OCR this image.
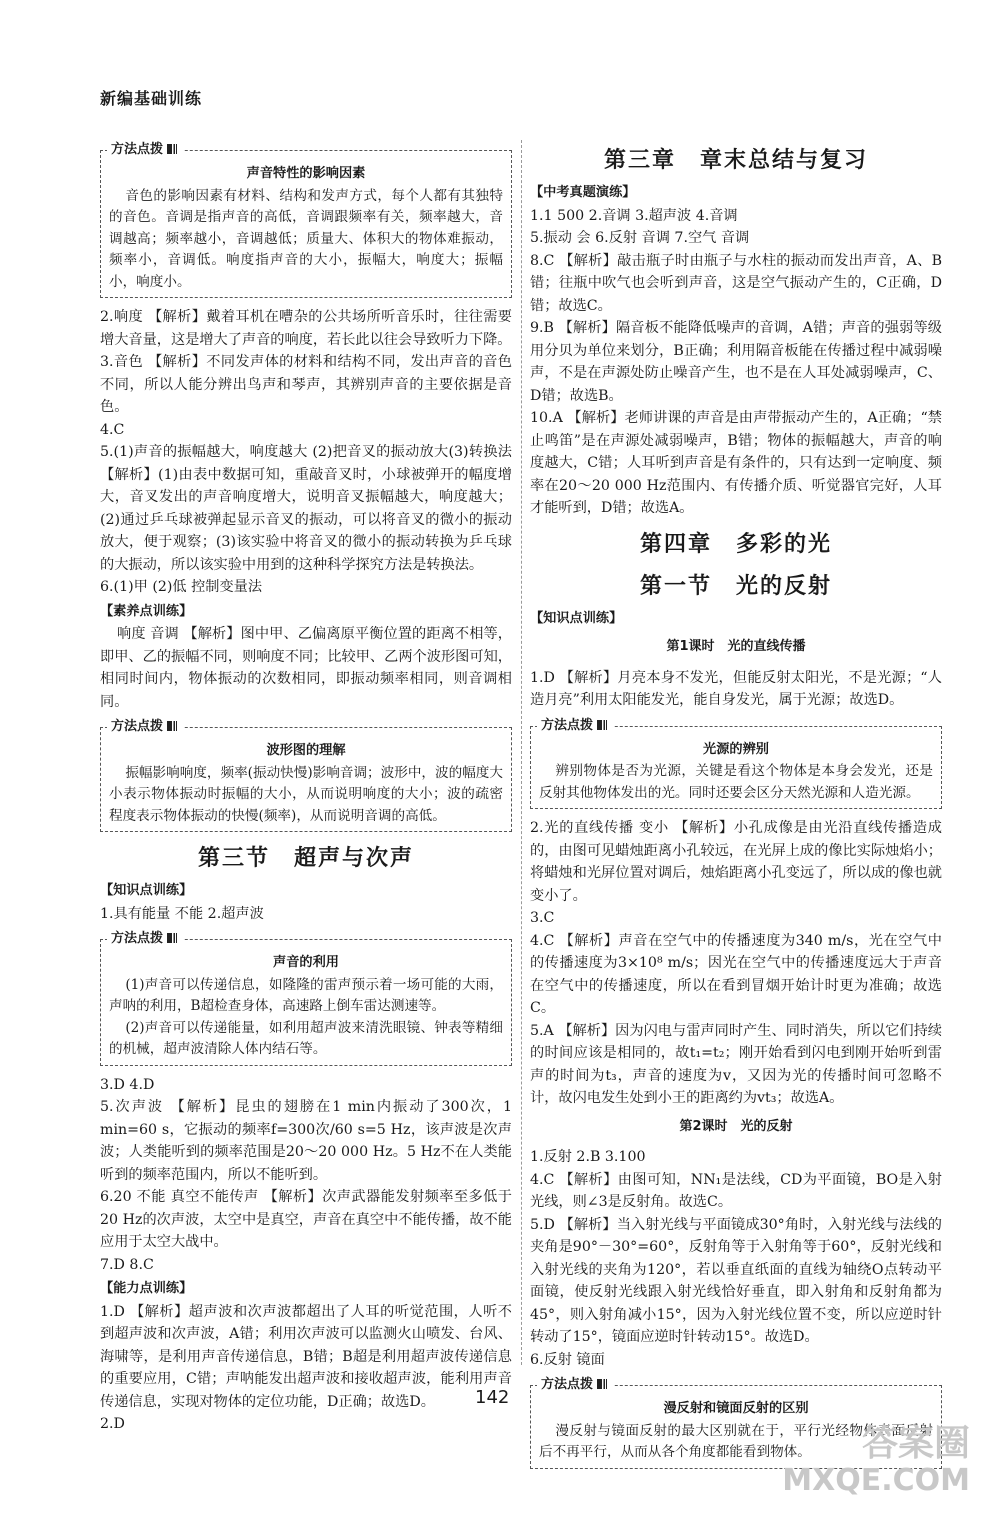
新编基础训练
方法点拨
声音特性的影响因素

音色的影响因素有材料、结构和发声方式，每个人都有其独特的音色。音调是指声音的高低，音调跟频率有关，频率越大，音调越高；频率越小，音调越低；质量大、体积大的物体难振动，频率小，音调低。响度指声音的大小，振幅大，响度大；振幅小，响度小。

2.响度 【解析】戴着耳机在嘈杂的公共场所听音乐时，往往需要增大音量，这是增大了声音的响度，若长此以往会导致听力下降。

3.音色 【解析】不同发声体的材料和结构不同，发出声音的音色不同，所以人能分辨出鸟声和琴声，其辨别声音的主要依据是音色。

4.C

5.(1)声音的振幅越大，响度越大 (2)把音叉的振动放大(3)转换法 【解析】(1)由表中数据可知，重敲音叉时，小球被弹开的幅度增大，音叉发出的声音响度增大，说明音叉振幅越大，响度越大；(2)通过乒乓球被弹起显示音叉的振动，可以将音叉的微小的振动放大，便于观察；(3)该实验中将音叉的微小的振动转换为乒乓球的大振动，所以该实验中用到的这种科学探究方法是转换法。

6.(1)甲 (2)低 控制变量法

【素养点训练】

响度 音调 【解析】图中甲、乙偏离原平衡位置的距离不相等，即甲、乙的振幅不同，则响度不同；比较甲、乙两个波形图可知，相同时间内，物体振动的次数相同，即振动频率相同，则音调相同。

方法点拨
波形图的理解

振幅影响响度，频率(振动快慢)影响音调；波形中，波的幅度大小表示物体振动时振幅的大小，从而说明响度的大小；波的疏密程度表示物体振动的快慢(频率)，从而说明音调的高低。

第三节　超声与次声
【知识点训练】

1.具有能量 不能 2.超声波

方法点拨
声音的利用

(1)声音可以传递信息，如隆隆的雷声预示着一场可能的大雨，声呐的利用，B超检查身体，高速路上倒车雷达测速等。

(2)声音可以传递能量，如利用超声波来清洗眼镜、钟表等精细的机械，超声波清除人体内结石等。

3.D 4.D

5.次声波 【解析】昆虫的翅膀在1 min内振动了300次，1 min=60 s，它振动的频率f=300次/60 s=5 Hz，该声波是次声波；人类能听到的频率范围是20～20 000 Hz。5 Hz不在人类能听到的频率范围内，所以不能听到。

6.20 不能 真空不能传声 【解析】次声武器能发射频率至多低于20 Hz的次声波，太空中是真空，声音在真空中不能传播，故不能应用于太空大战中。

7.D 8.C

【能力点训练】

1.D 【解析】超声波和次声波都超出了人耳的听觉范围，人听不到超声波和次声波，A错；利用次声波可以监测火山喷发、台风、海啸等，是利用声音传递信息，B错；B超是利用超声波传递信息的重要应用，C错；声呐能发出超声波和接收超声波，能利用声音传递信息，实现对物体的定位功能，D正确；故选D。

2.D

第三章　章末总结与复习
【中考真题演练】

1.1 500 2.音调 3.超声波 4.音调

5.振动 会 6.反射 音调 7.空气 音调

8.C 【解析】敲击瓶子时由瓶子与水柱的振动而发出声音，A、B错；往瓶中吹气也会听到声音，这是空气振动产生的，C正确，D错；故选C。

9.B 【解析】隔音板不能降低噪声的音调，A错；声音的强弱等级用分贝为单位来划分，B正确；利用隔音板能在传播过程中减弱噪声，不是在声源处防止噪音产生，也不是在人耳处减弱噪声，C、D错；故选B。

10.A 【解析】老师讲课的声音是由声带振动产生的，A正确；“禁止鸣笛”是在声源处减弱噪声，B错；物体的振幅越大，声音的响度越大，C错；人耳听到声音是有条件的，只有达到一定响度、频率在20～20 000 Hz范围内、有传播介质、听觉器官完好，人耳才能听到，D错；故选A。

第四章　多彩的光
第一节　光的反射
【知识点训练】
第1课时　光的直线传播

1.D 【解析】月亮本身不发光，但能反射太阳光，不是光源；“人造月亮”利用太阳能发光，能自身发光，属于光源；故选D。

方法点拨
光源的辨别

辨别物体是否为光源，关键是看这个物体是本身会发光，还是反射其他物体发出的光。同时还要会区分天然光源和人造光源。

2.光的直线传播 变小 【解析】小孔成像是由光沿直线传播造成的，由图可见蜡烛距离小孔较远，在光屏上成的像比实际烛焰小；将蜡烛和光屏位置对调后，烛焰距离小孔变远了，所以成的像也就变小了。

3.C

4.C 【解析】声音在空气中的传播速度为340 m/s，光在空气中的传播速度为3×10⁸ m/s；因光在空气中的传播速度远大于声音在空气中的传播速度，所以在看到冒烟开始计时更为准确；故选C。

5.A 【解析】因为闪电与雷声同时产生、同时消失，所以它们持续的时间应该是相同的，故t₁=t₂；刚开始看到闪电到刚开始听到雷声的时间为t₃，声音的速度为v，又因为光的传播时间可忽略不计，故闪电发生处到小王的距离约为vt₃；故选A。

第2课时　光的反射

1.反射 2.B 3.100

4.C 【解析】由图可知，NN₁是法线，CD为平面镜，BO是入射光线，则∠3是反射角。故选C。

5.D 【解析】当入射光线与平面镜成30°角时，入射光线与法线的夹角是90°－30°=60°，反射角等于入射角等于60°，反射光线和入射光线的夹角为120°，若以垂直纸面的直线为轴绕O点转动平面镜，使反射光线跟入射光线恰好垂直，即入射角和反射角都为45°，则入射角减小15°，因为入射光线位置不变，所以应逆时针转动了15°，镜面应逆时针转动15°。故选D。

6.反射 镜面

方法点拨
漫反射和镜面反射的区别

漫反射与镜面反射的最大区别就在于，平行光经物体表面反射后不再平行，从而从各个角度都能看到物体。

142
答案圈
MXQE.COM
